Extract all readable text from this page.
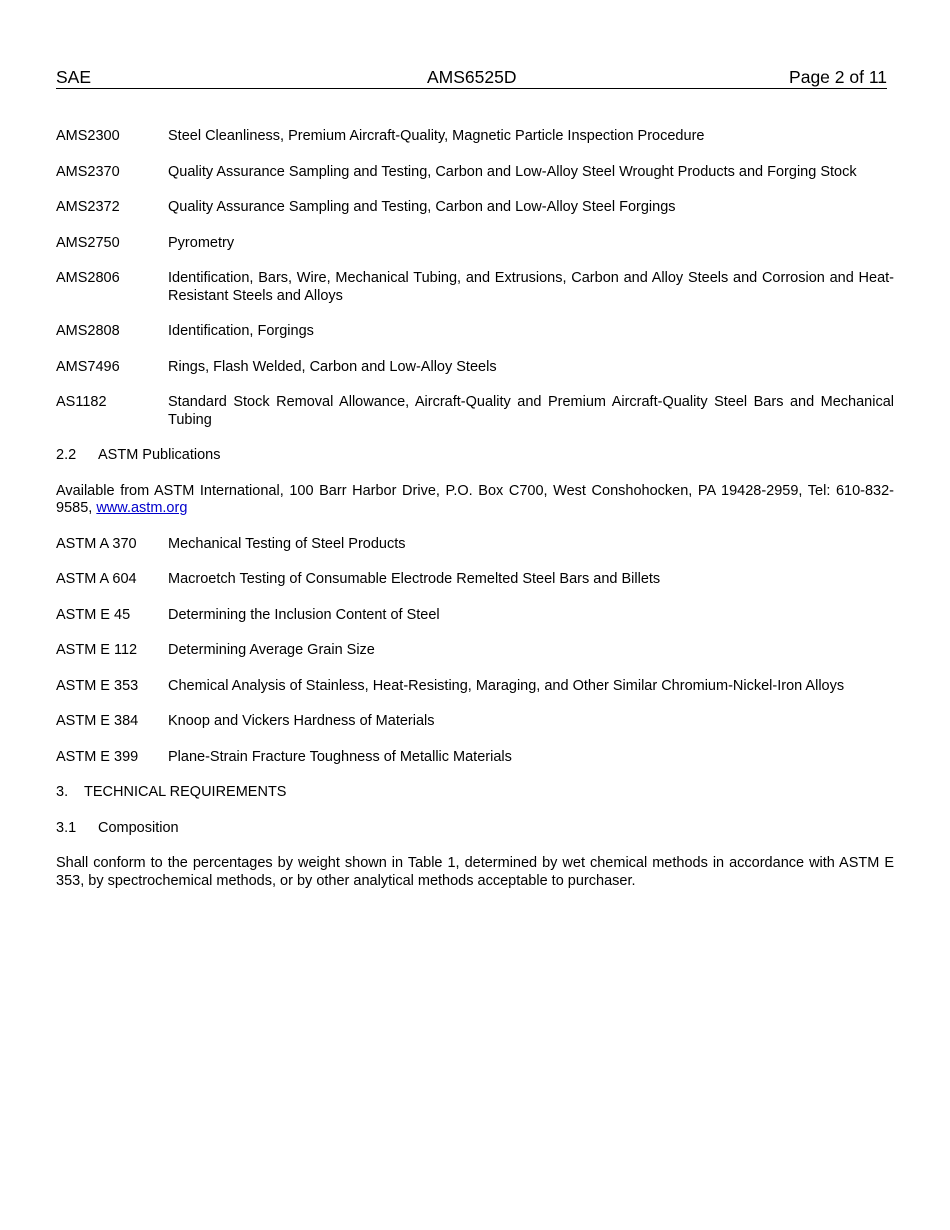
SAE	AMS6525D	Page 2 of 11
AMS2300	Steel Cleanliness, Premium Aircraft-Quality, Magnetic Particle Inspection Procedure
AMS2370	Quality Assurance Sampling and Testing, Carbon and Low-Alloy Steel Wrought Products and Forging Stock
AMS2372	Quality Assurance Sampling and Testing, Carbon and Low-Alloy Steel Forgings
AMS2750	Pyrometry
AMS2806	Identification, Bars, Wire, Mechanical Tubing, and Extrusions, Carbon and Alloy Steels and Corrosion and Heat-Resistant Steels and Alloys
AMS2808	Identification, Forgings
AMS7496	Rings, Flash Welded, Carbon and Low-Alloy Steels
AS1182	Standard Stock Removal Allowance, Aircraft-Quality and Premium Aircraft-Quality Steel Bars and Mechanical Tubing
2.2 ASTM Publications
Available from ASTM International, 100 Barr Harbor Drive, P.O. Box C700, West Conshohocken, PA 19428-2959, Tel: 610-832-9585, www.astm.org
ASTM A 370	Mechanical Testing of Steel Products
ASTM A 604	Macroetch Testing of Consumable Electrode Remelted Steel Bars and Billets
ASTM E 45	Determining the Inclusion Content of Steel
ASTM E 112	Determining Average Grain Size
ASTM E 353	Chemical Analysis of Stainless, Heat-Resisting, Maraging, and Other Similar Chromium-Nickel-Iron Alloys
ASTM E 384	Knoop and Vickers Hardness of Materials
ASTM E 399	Plane-Strain Fracture Toughness of Metallic Materials
3. TECHNICAL REQUIREMENTS
3.1 Composition
Shall conform to the percentages by weight shown in Table 1, determined by wet chemical methods in accordance with ASTM E 353, by spectrochemical methods, or by other analytical methods acceptable to purchaser.
